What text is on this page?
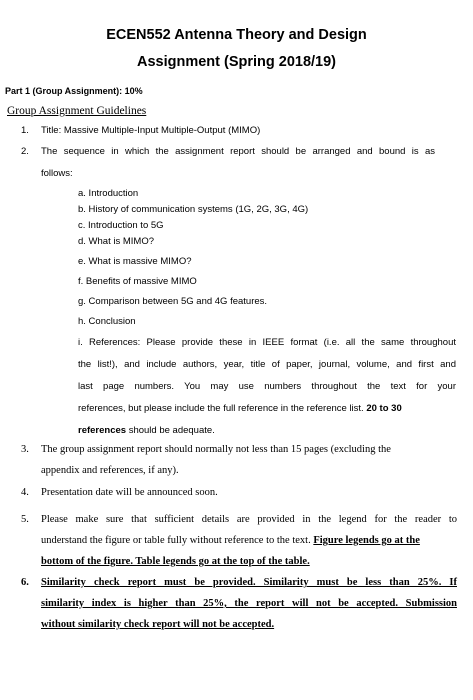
ECEN552 Antenna Theory and Design
Assignment (Spring 2018/19)
Part 1 (Group Assignment): 10%
Group Assignment Guidelines
1. Title: Massive Multiple-Input Multiple-Output (MIMO)
2. The sequence in which the assignment report should be arranged and bound is as
follows:
a. Introduction
b. History of communication systems (1G, 2G, 3G, 4G)
c. Introduction to 5G
d. What is MIMO?
e. What is massive MIMO?
f. Benefits of massive MIMO
g. Comparison between 5G and 4G features.
h. Conclusion
i. References: Please provide these in IEEE format (i.e. all the same throughout
the list!), and include authors, year, title of paper, journal, volume, and first and
last page numbers. You may use numbers throughout the text for your
references, but please include the full reference in the reference list. 20 to 30
references should be adequate.
3. The group assignment report should normally not less than 15 pages (excluding the
appendix and references, if any).
4. Presentation date will be announced soon.
5. Please make sure that sufficient details are provided in the legend for the reader to
understand the figure or table fully without reference to the text. Figure legends go at the
bottom of the figure. Table legends go at the top of the table.
6. Similarity check report must be provided. Similarity must be less than 25%. If
similarity index is higher than 25%, the report will not be accepted. Submission
without similarity check report will not be accepted.
